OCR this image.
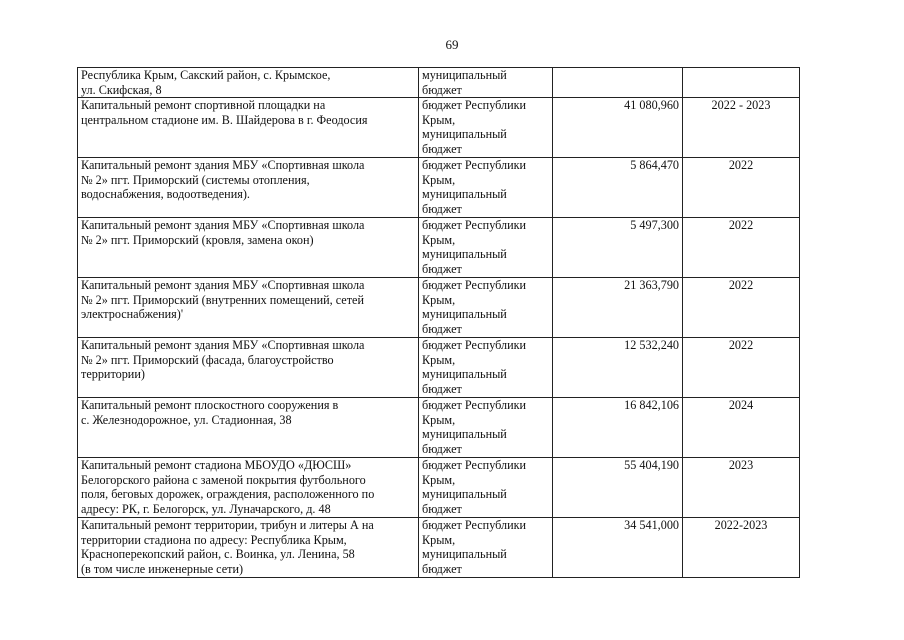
69
Республика Крым, Сакский район, с. Крымское,
ул. Скифская, 8	муниципальный
бюджет		

Капитальный ремонт спортивной площадки на
центральном стадионе им. В. Шайдерова в г. Феодосия	бюджет Республики
Крым,
муниципальный
бюджет	41 080,960	2022 - 2023

Капитальный ремонт здания МБУ «Спортивная школа
№ 2» пгт. Приморский (системы отопления,
водоснабжения, водоотведения).	бюджет Республики
Крым,
муниципальный
бюджет	5 864,470	2022

Капитальный ремонт здания МБУ «Спортивная школа
№ 2» пгт. Приморский (кровля, замена окон)	бюджет Республики
Крым,
муниципальный
бюджет	5 497,300	2022

Капитальный ремонт здания МБУ «Спортивная школа
№ 2» пгт. Приморский (внутренних помещений, сетей
электроснабжения)'	бюджет Республики
Крым,
муниципальный
бюджет	21 363,790	2022

Капитальный ремонт здания МБУ «Спортивная школа
№ 2» пгт. Приморский (фасада, благоустройство
территории)	бюджет Республики
Крым,
муниципальный
бюджет	12 532,240	2022

Капитальный ремонт плоскостного сооружения в
с. Железнодорожное, ул. Стадионная, 38	бюджет Республики
Крым,
муниципальный
бюджет	16 842,106	2024

Капитальный ремонт стадиона МБОУДО «ДЮСШ»
Белогорского района с заменой покрытия футбольного
поля, беговых дорожек, ограждения, расположенного по
адресу: РК, г. Белогорск, ул. Луначарского, д. 48	бюджет Республики
Крым,
муниципальный
бюджет	55 404,190	2023

Капитальный ремонт территории, трибун и литеры А на
территории стадиона по адресу: Республика Крым,
Красноперекопский район, с. Воинка, ул. Ленина, 58
(в том числе инженерные сети)	бюджет Республики
Крым,
муниципальный
бюджет	34 541,000	2022-2023
